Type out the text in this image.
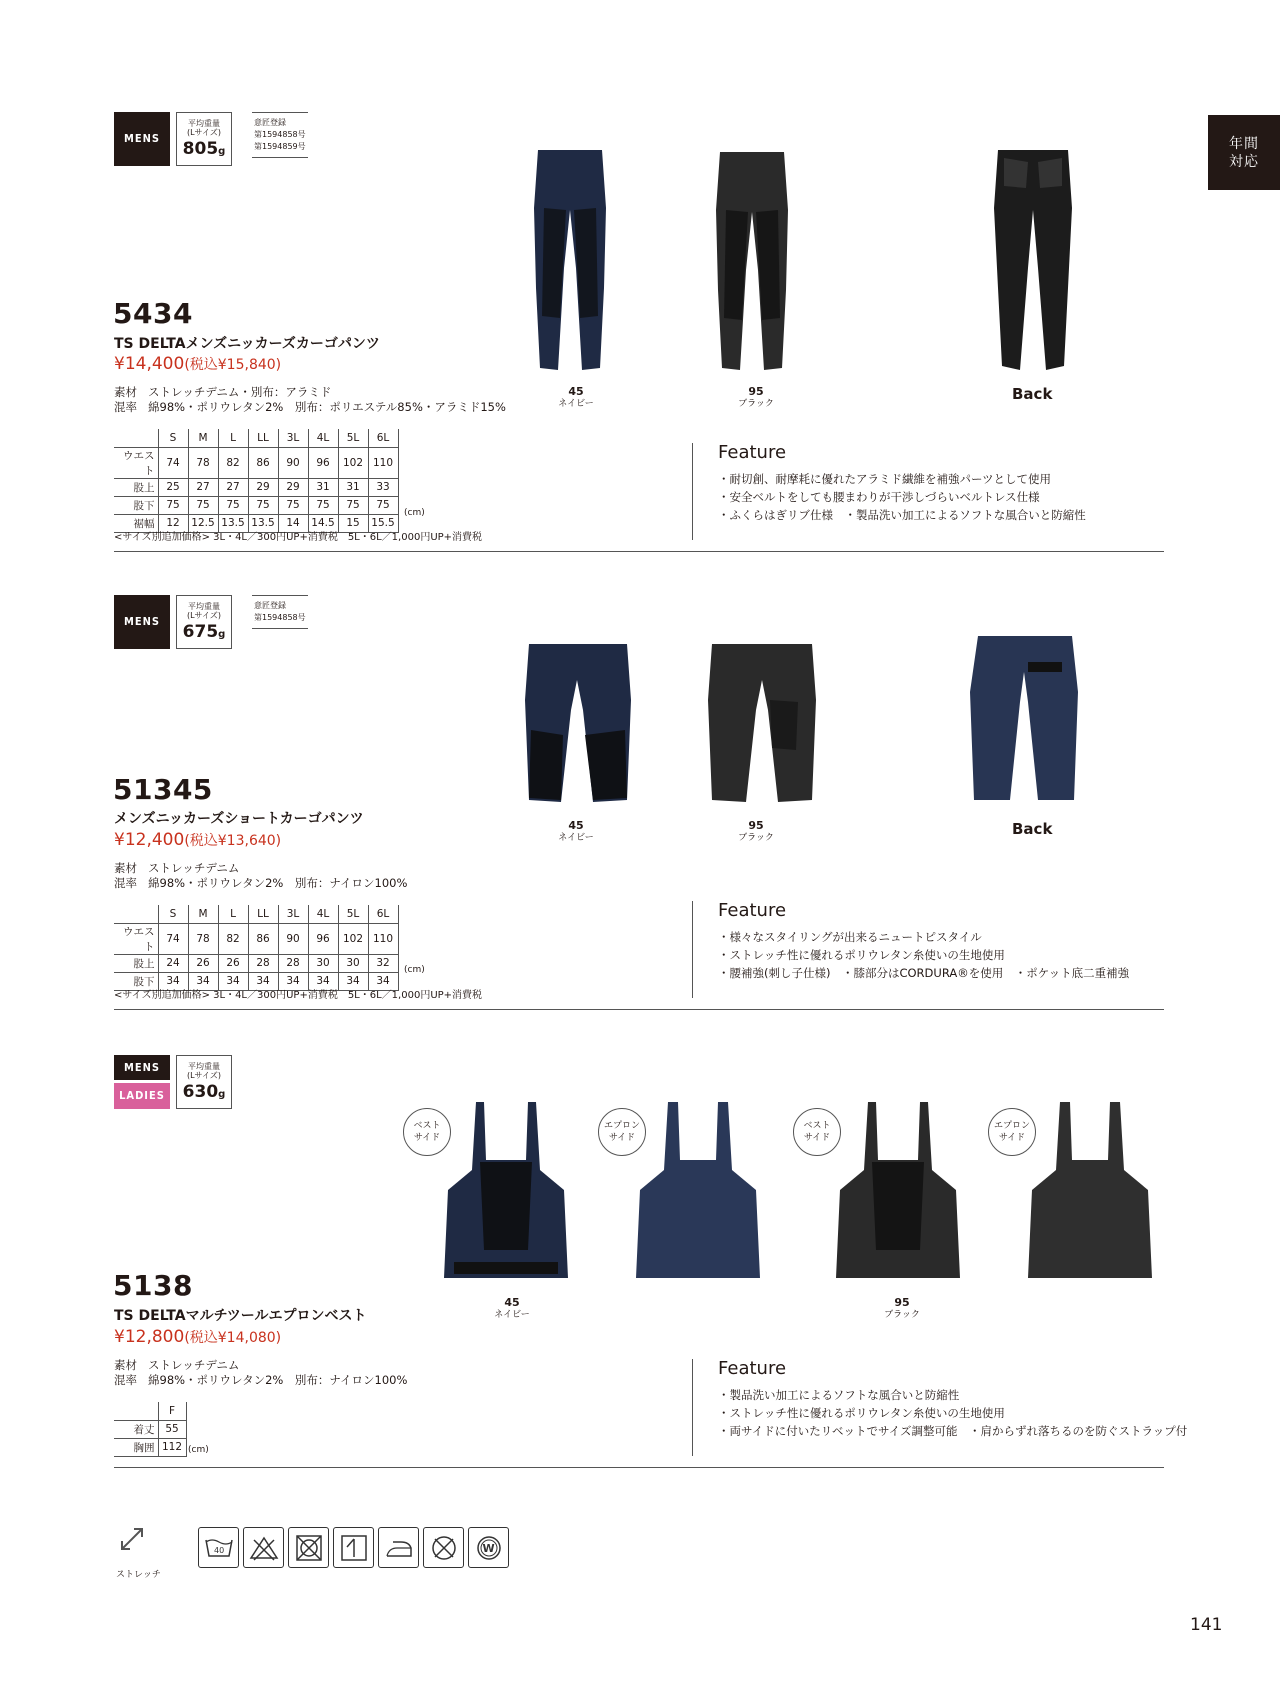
年間
対応
MENS
平均重量
(Lサイズ)
805g
意匠登録
第1594858号
第1594859号
45
ネイビー
95
ブラック
Back
5434
TS DELTAメンズニッカーズカーゴパンツ
¥14,400(税込¥15,840)
素材 ストレッチデニム・別布：アラミド
混率 綿98%・ポリウレタン2%　別布：ポリエステル85%・アラミド15%
	S	M	L	LL	3L	4L	5L	6L
ウエスト	74	78	82	86	90	96	102	110
股上	25	27	27	29	29	31	31	33
股下	75	75	75	75	75	75	75	75
裾幅	12	12.5	13.5	13.5	14	14.5	15	15.5
(cm)
<サイズ別追加価格> 3L・4L／300円UP+消費税　5L・6L／1,000円UP+消費税
Feature
・耐切創、耐摩耗に優れたアラミド繊維を補強パーツとして使用
・安全ベルトをしても腰まわりが干渉しづらいベルトレス仕様
・ふくらはぎリブ仕様　・製品洗い加工によるソフトな風合いと防縮性
MENS
平均重量
(Lサイズ)
675g
意匠登録
第1594858号
45
ネイビー
95
ブラック	Back
51345
メンズニッカーズショートカーゴパンツ
¥12,400(税込¥13,640)
素材 ストレッチデニム
混率 綿98%・ポリウレタン2%　別布：ナイロン100%
	S	M	L	LL	3L	4L	5L	6L
ウエスト	74	78	82	86	90	96	102	110
股上	24	26	26	28	28	30	30	32
股下	34	34	34	34	34	34	34	34
(cm)
<サイズ別追加価格> 3L・4L／300円UP+消費税　5L・6L／1,000円UP+消費税
Feature
・様々なスタイリングが出来るニュートピスタイル
・ストレッチ性に優れるポリウレタン糸使いの生地使用
・腰補強(刺し子仕様)　・膝部分はCORDURA®を使用　・ポケット底二重補強
MENS
LADIES
平均重量
(Lサイズ)
630g
ベスト
サイド
エプロン
サイド
ベスト
サイド
エプロン
サイド
45
ネイビー
95
ブラック
5138
TS DELTAマルチツールエプロンベスト
¥12,800(税込¥14,080)
素材 ストレッチデニム
混率 綿98%・ポリウレタン2%　別布：ナイロン100%
	F
着丈	55
胸囲	112 (cm)
Feature
・製品洗い加工によるソフトな風合いと防縮性
・ストレッチ性に優れるポリウレタン糸使いの生地使用
・両サイドに付いたリベットでサイズ調整可能　・肩からずれ落ちるのを防ぐストラップ付
ストレッチ
40	W
141
